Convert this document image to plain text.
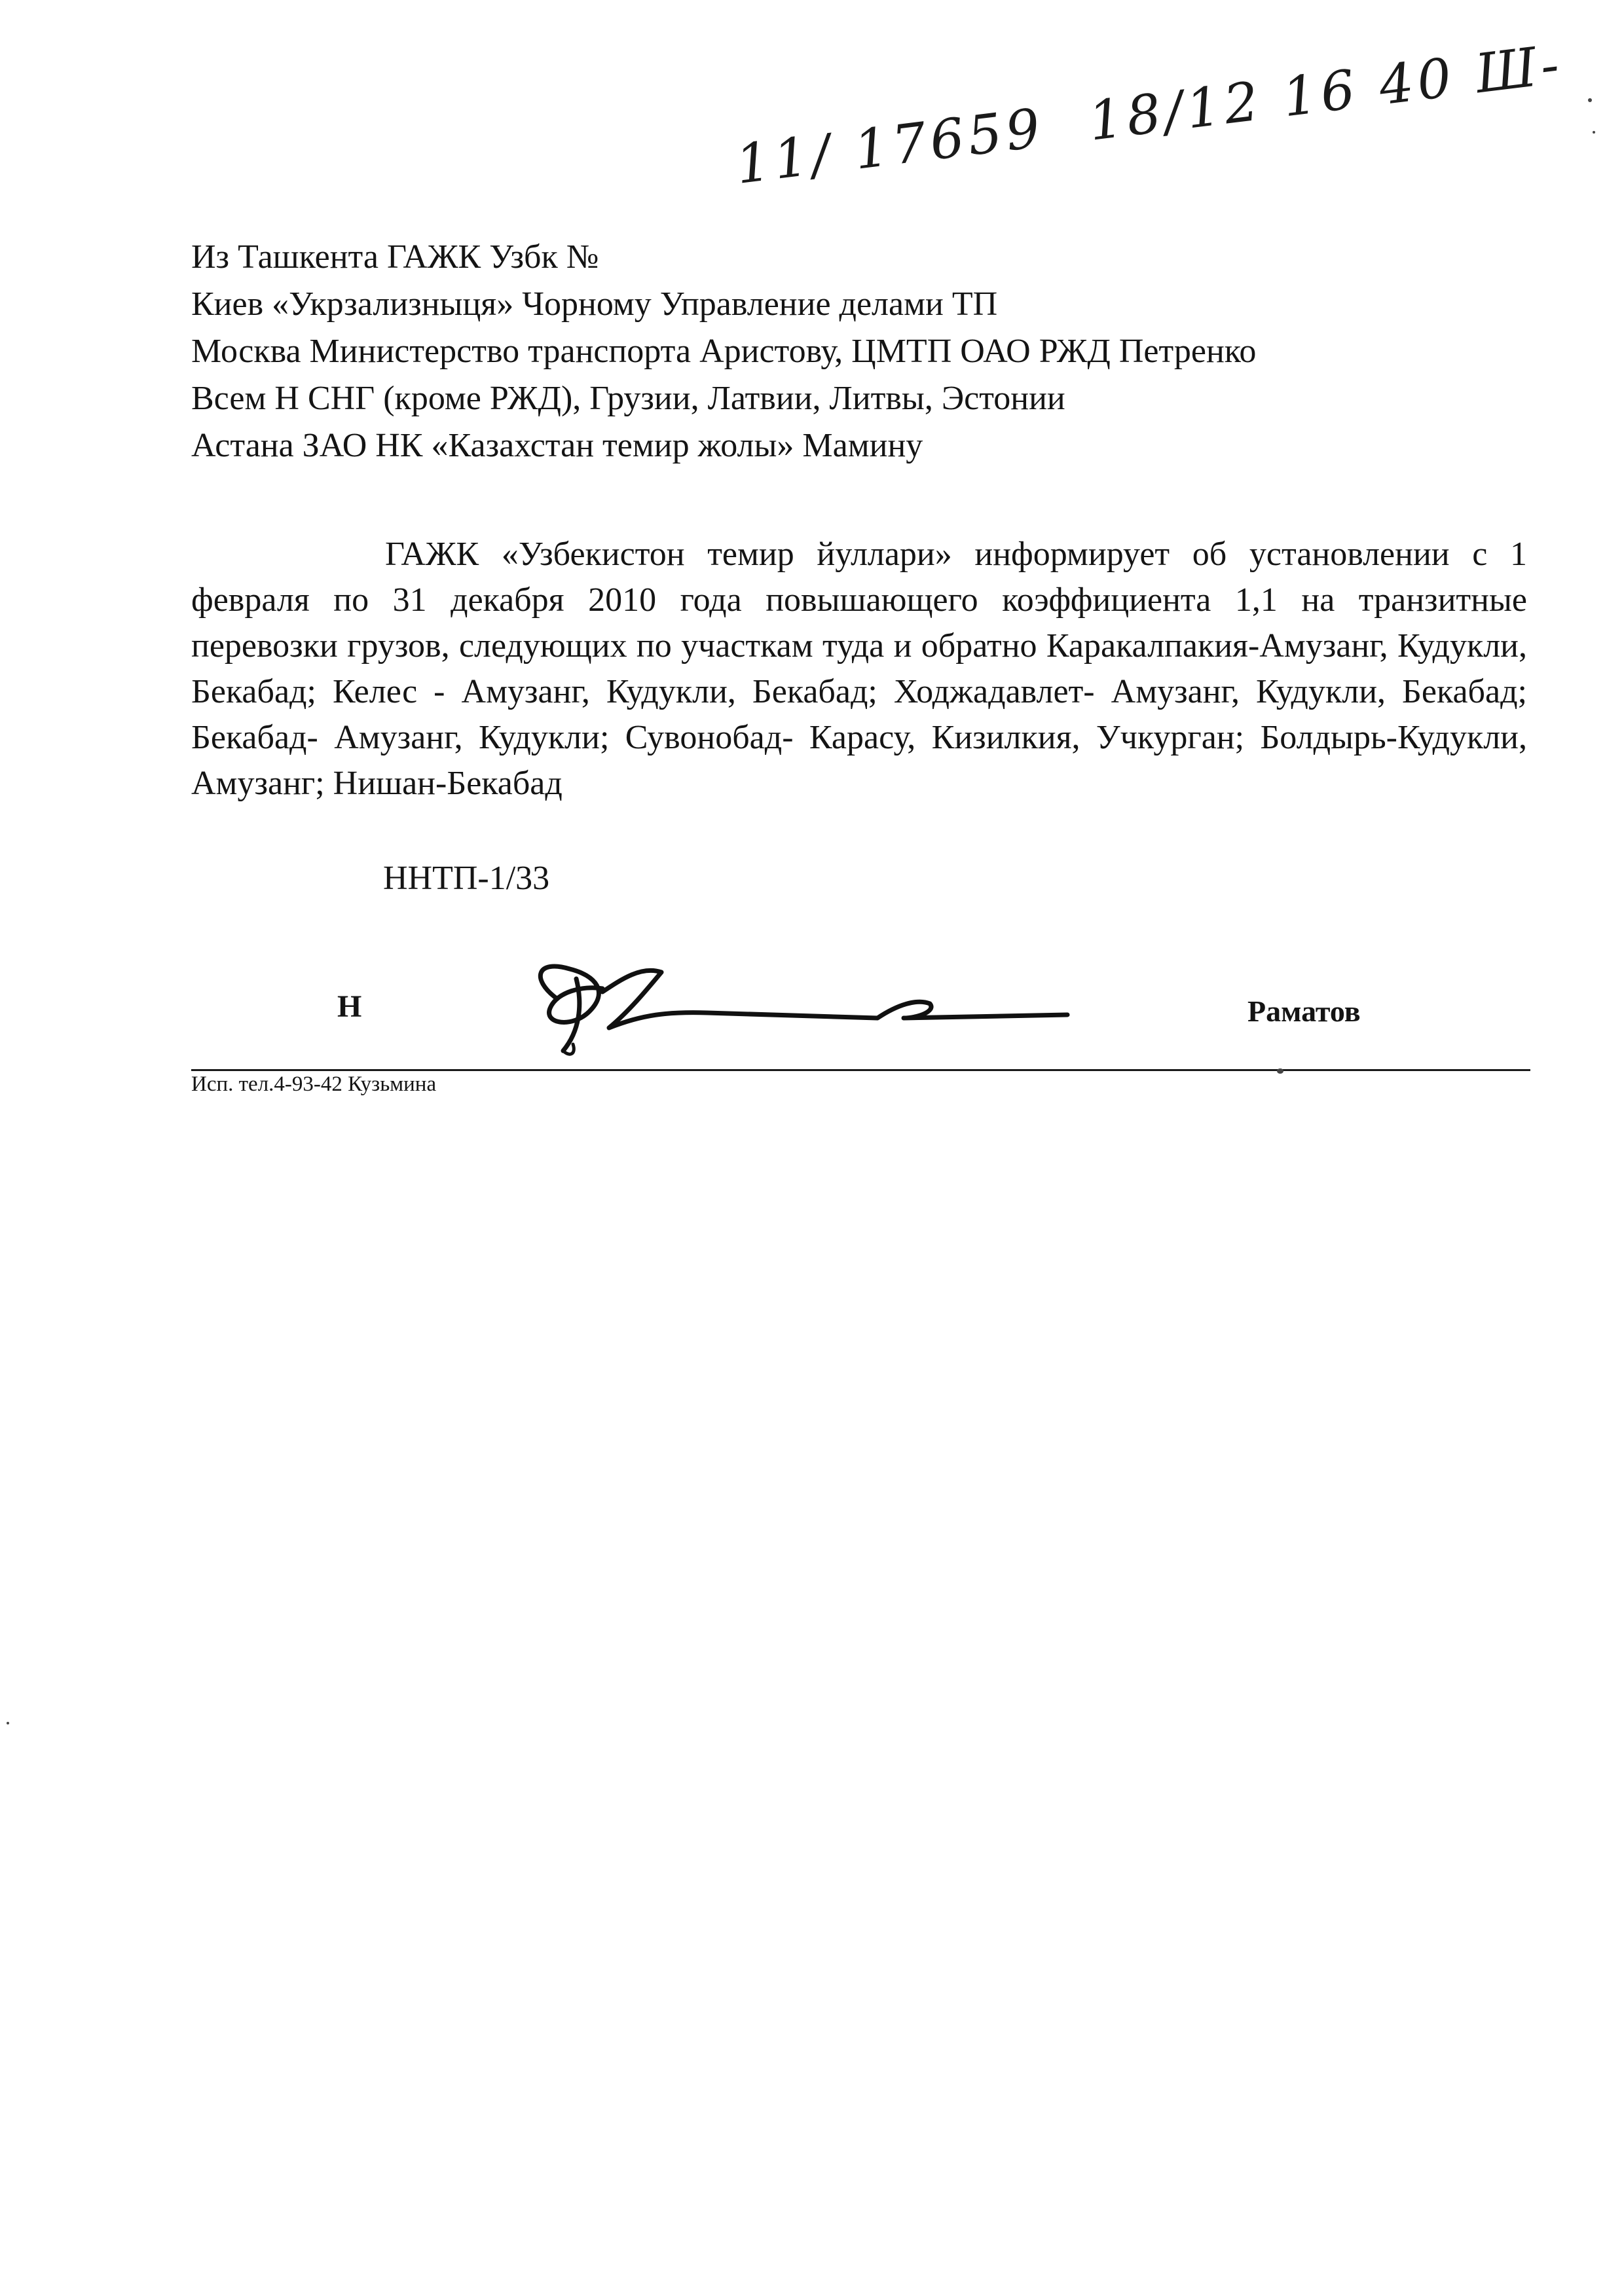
11/ 17659 18/12 16 40 Ш-
Из Ташкента ГАЖК Узбк №
Киев «Укрзализныця» Чорному Управление делами ТП
Москва Министерство транспорта Аристову, ЦМТП ОАО РЖД Петренко
Всем Н СНГ (кроме РЖД), Грузии, Латвии, Литвы, Эстонии
Астана ЗАО НК «Казахстан темир жолы» Мамину
ГАЖК «Узбекистон темир йуллари» информирует об установлении с 1 февраля по 31 декабря 2010 года повышающего коэффициента 1,1 на транзитные перевозки грузов, следующих по участкам туда и обратно Каракалпакия-Амузанг, Кудукли, Бекабад; Келес - Амузанг, Кудукли, Бекабад; Ходжадавлет- Амузанг, Кудукли, Бекабад; Бекабад- Амузанг, Кудукли; Сувонобад- Карасу, Кизилкия, Учкурган; Болдырь-Кудукли, Амузанг; Нишан-Бекабад
ННТП-1/33
Н	Раматов
Исп. тел.4-93-42 Кузьмина
